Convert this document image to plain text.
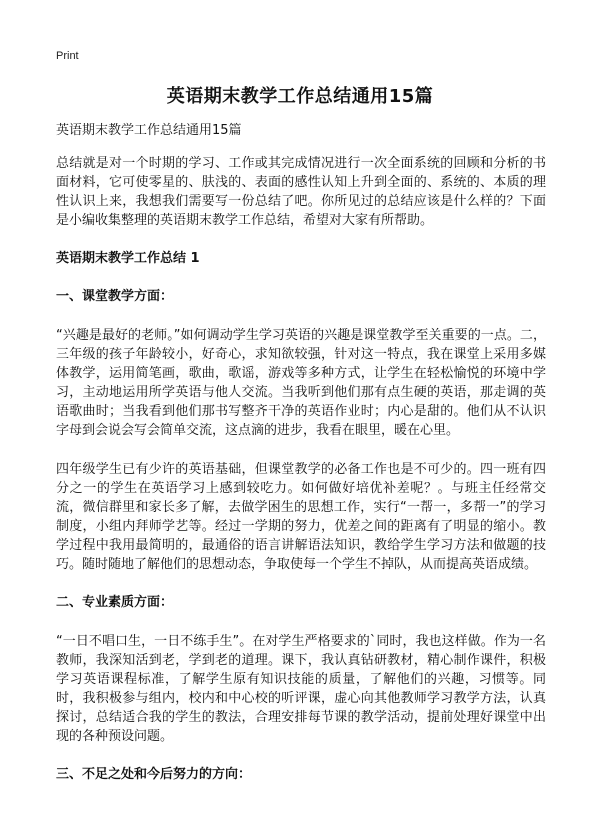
Print
英语期末教学工作总结通用15篇
英语期末教学工作总结通用15篇
总结就是对一个时期的学习、工作或其完成情况进行一次全面系统的回顾和分析的书面材料，它可使零星的、肤浅的、表面的感性认知上升到全面的、系统的、本质的理性认识上来，我想我们需要写一份总结了吧。你所见过的总结应该是什么样的？下面是小编收集整理的英语期末教学工作总结，希望对大家有所帮助。
英语期末教学工作总结 1
一、课堂教学方面：
“兴趣是最好的老师。”如何调动学生学习英语的兴趣是课堂教学至关重要的一点。二，三年级的孩子年龄较小，好奇心，求知欲较强，针对这一特点，我在课堂上采用多媒体教学，运用简笔画，歌曲，歌谣，游戏等多种方式，让学生在轻松愉悦的环境中学习，主动地运用所学英语与他人交流。当我听到他们那有点生硬的英语，那走调的英语歌曲时；当我看到他们那书写整齐干净的英语作业时；内心是甜的。他们从不认识字母到会说会写会简单交流，这点滴的进步，我看在眼里，暖在心里。
四年级学生已有少许的英语基础，但课堂教学的必备工作也是不可少的。四一班有四分之一的学生在英语学习上感到较吃力。如何做好培优补差呢？。与班主任经常交流，微信群里和家长多了解，去做学困生的思想工作，实行“一帮一，多帮一”的学习制度，小组内拜师学艺等。经过一学期的努力，优差之间的距离有了明显的缩小。教学过程中我用最简明的，最通俗的语言讲解语法知识，教给学生学习方法和做题的技巧。随时随地了解他们的思想动态，争取使每一个学生不掉队，从而提高英语成绩。
二、专业素质方面：
“一日不唱口生，一日不练手生”。在对学生严格要求的`同时，我也这样做。作为一名教师，我深知活到老，学到老的道理。课下，我认真钻研教材，精心制作课件，积极学习英语课程标准，了解学生原有知识技能的质量，了解他们的兴趣，习惯等。同时，我积极参与组内，校内和中心校的听评课，虚心向其他教师学习教学方法，认真探讨，总结适合我的学生的教法，合理安排每节课的教学活动，提前处理好课堂中出现的各种预设问题。
三、不足之处和今后努力的方向：
